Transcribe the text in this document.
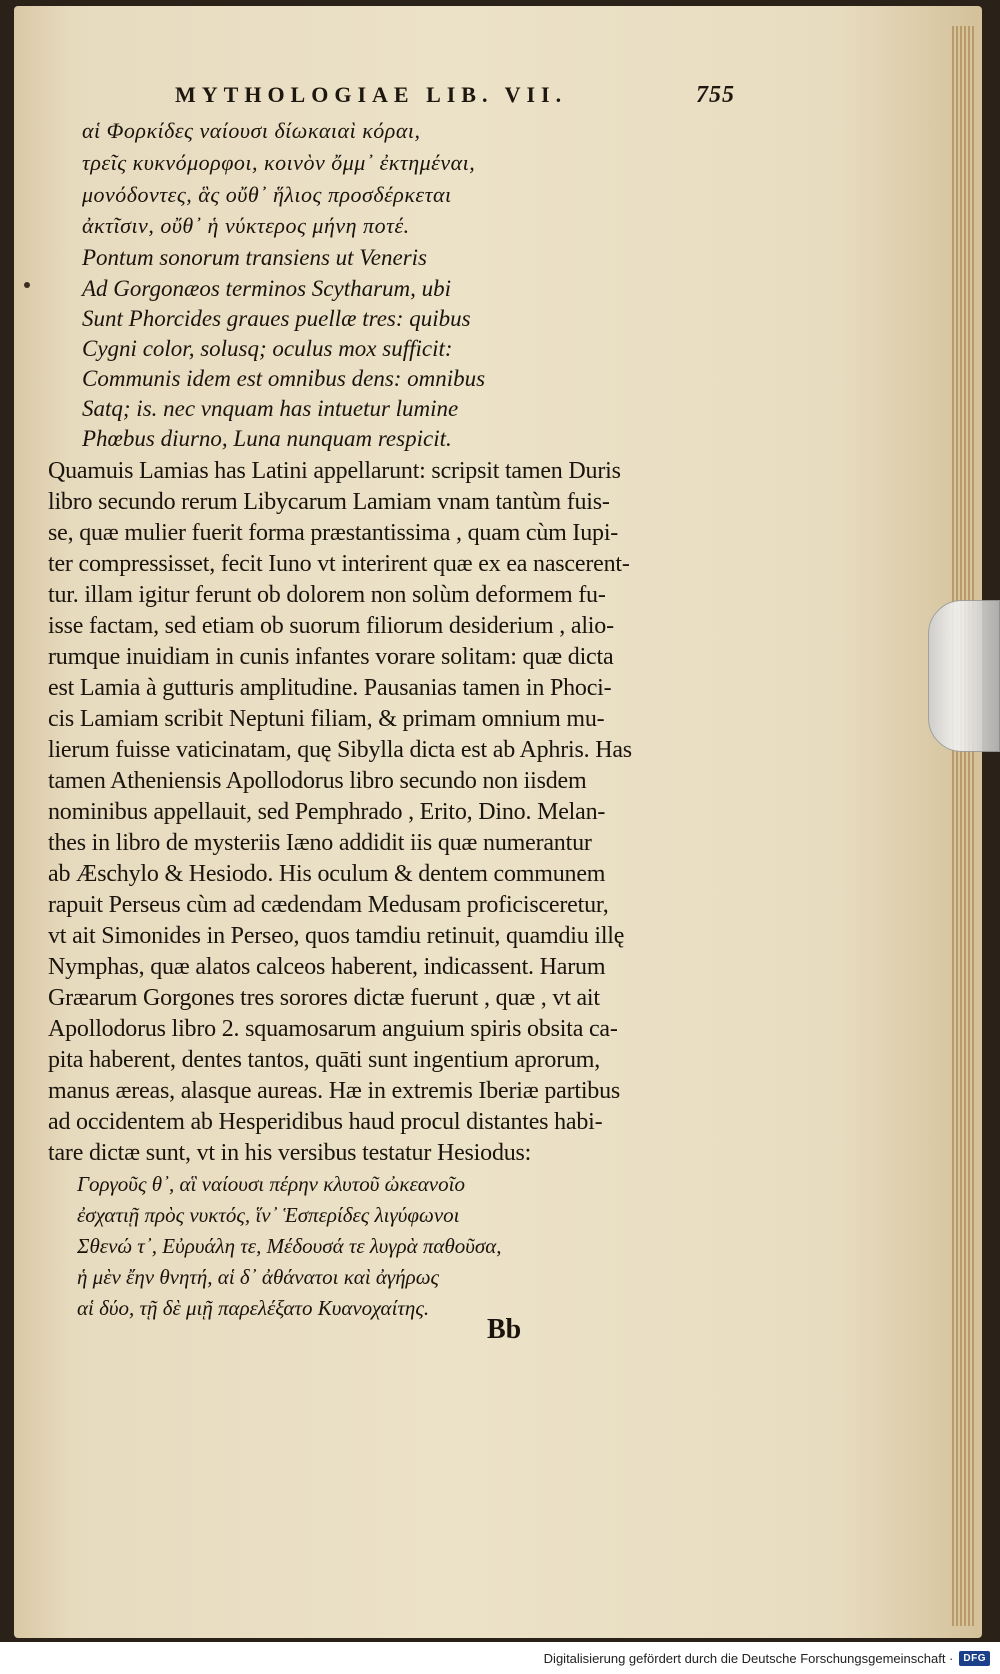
MYTHOLOGIAE LIB. VII.	755
αἱ Φορκίδες ναίουσι δίωκαιαὶ κόραι,
τρεῖς κυκνόμορφοι, κοινὸν ὄμμ᾽ ἐκτημέναι,
μονόδοντες, ἃς οὔθ᾽ ἥλιος προσδέρκεται
ἀκτῖσιν, οὔθ᾽ ἡ νύκτερος μήνη ποτέ.
Pontum sonorum transiens ut Veneris
Ad Gorgonæos terminos Scytharum, ubi
Sunt Phorcides graues puellæ tres: quibus
Cygni color, solusq; oculus mox sufficit:
Communis idem est omnibus dens: omnibus
Satq; is. nec vnquam has intuetur lumine
Phœbus diurno, Luna nunquam respicit.
Quamuis Lamias has Latini appellarunt: scripsit tamen Duris
libro secundo rerum Libycarum Lamiam vnam tantùm fuis-
se, quæ mulier fuerit forma præstantissima , quam cùm Iupi-
ter compressisset, fecit Iuno vt interirent quæ ex ea nascerent-
tur. illam igitur ferunt ob dolorem non solùm deformem fu-
isse factam, sed etiam ob suorum filiorum desiderium , alio-
rumque inuidiam in cunis infantes vorare solitam: quæ dicta
est Lamia à gutturis amplitudine. Pausanias tamen in Phoci-
cis Lamiam scribit Neptuni filiam, & primam omnium mu-
lierum fuisse vaticinatam, quę Sibylla dicta est ab Aphris. Has
tamen Atheniensis Apollodorus libro secundo non iisdem
nominibus appellauit, sed Pemphrado , Erito, Dino. Melan-
thes in libro de mysteriis Iæno addidit iis quæ numerantur
ab Æschylo & Hesiodo. His oculum & dentem communem
rapuit Perseus cùm ad cædendam Medusam proficisceretur,
vt ait Simonides in Perseo, quos tamdiu retinuit, quamdiu illę
Nymphas, quæ alatos calceos haberent, indicassent. Harum
Græarum Gorgones tres sorores dictæ fuerunt , quæ , vt ait
Apollodorus libro 2. squamosarum anguium spiris obsita ca-
pita haberent, dentes tantos, quāti sunt ingentium aprorum,
manus æreas, alasque aureas. Hæ in extremis Iberiæ partibus
ad occidentem ab Hesperidibus haud procul distantes habi-
tare dictæ sunt, vt in his versibus testatur Hesiodus:
Γοργοῦς θ᾽, αἳ ναίουσι πέρην κλυτοῦ ὠκεανοῖο
ἐσχατιῇ πρὸς νυκτός, ἵν᾽ Ἑσπερίδες λιγύφωνοι
Σθενώ τ᾽, Εὐρυάλη τε, Μέδουσά τε λυγρὰ παθοῦσα,
ἡ μὲν ἔην θνητή, αἱ δ᾽ ἀθάνατοι καὶ ἀγήρως
αἱ δύο, τῇ δὲ μιῇ παρελέξατο Κυανοχαίτης.
Bb
Digitalisierung gefördert durch die Deutsche Forschungsgemeinschaft ·	DFG
